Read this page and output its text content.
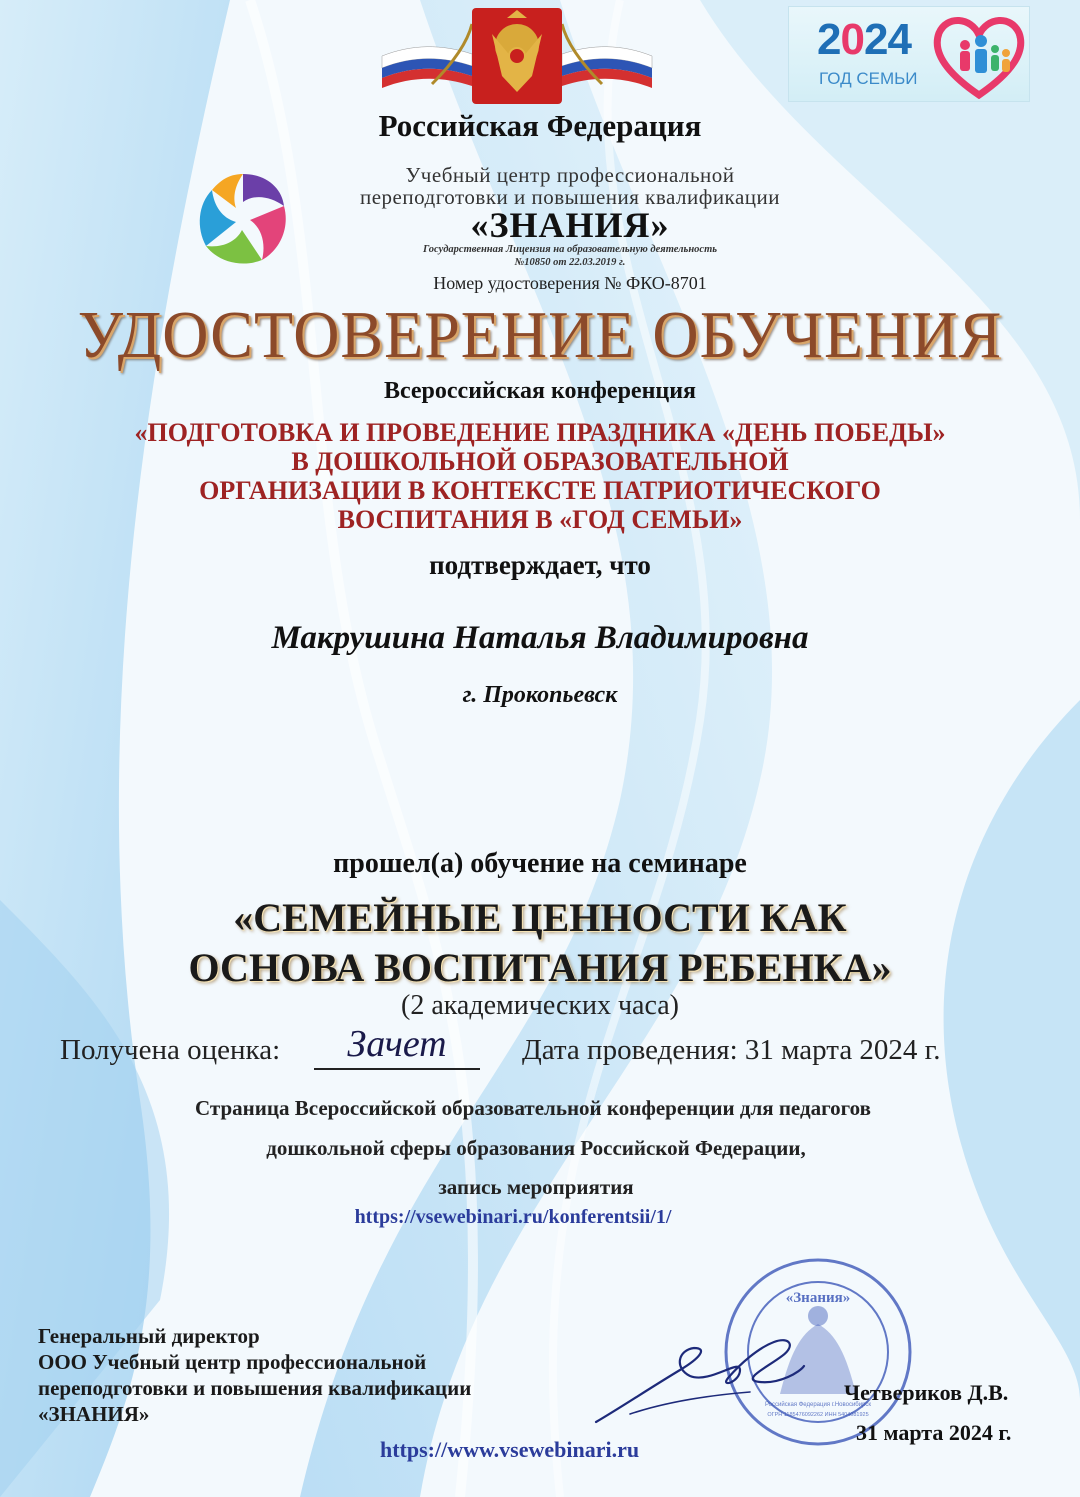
2024
ГОД СЕМЬИ
Российская Федерация
Учебный центр профессиональной
переподготовки и повышения квалификации
«ЗНАНИЯ»
Государственная Лицензия на образовательную деятельность
№10850 от 22.03.2019 г.
Номер удостоверения № ФКО-8701
УДОСТОВЕРЕНИЕ ОБУЧЕНИЯ
Всероссийская конференция
«ПОДГОТОВКА И ПРОВЕДЕНИЕ ПРАЗДНИКА «ДЕНЬ ПОБЕДЫ»
В ДОШКОЛЬНОЙ ОБРАЗОВАТЕЛЬНОЙ
ОРГАНИЗАЦИИ В КОНТЕКСТЕ ПАТРИОТИЧЕСКОГО
ВОСПИТАНИЯ В «ГОД СЕМЬИ»
подтверждает, что
Макрушина Наталья Владимировна
г. Прокопьевск
прошел(а) обучение на семинаре
«СЕМЕЙНЫЕ ЦЕННОСТИ КАК
ОСНОВА ВОСПИТАНИЯ РЕБЕНКА»
(2 академических часа)
Получена оценка:	Зачет	Дата проведения: 31 марта 2024 г.
Страница Всероссийской образовательной конференции для педагогов
дошкольной сферы образования Российской Федерации,
запись мероприятия
https://vsewebinari.ru/konferentsii/1/
Генеральный директор
ООО Учебный центр профессиональной
переподготовки и повышения квалификации
«ЗНАНИЯ»
«Знания»
Российская Федерация г.Новосибирск
ОГРН 1185476092262 ИНН 5404081925
Четвериков Д.В.
31 марта 2024 г.
https://www.vsewebinari.ru
